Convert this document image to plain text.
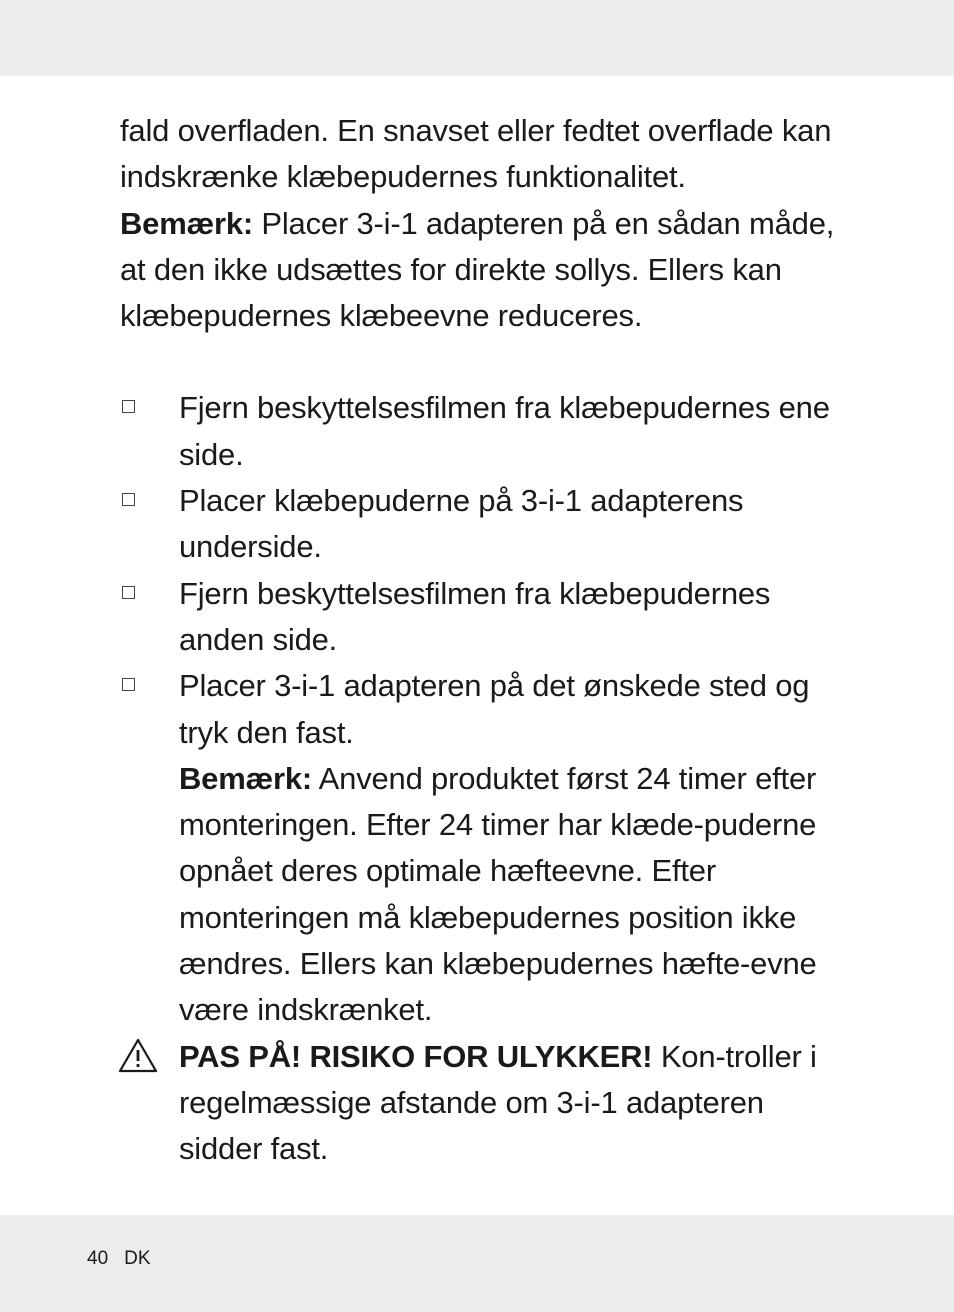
fald overfladen. En snavset eller fedtet overflade kan indskrænke klæbepudernes funktionalitet.

Bemærk: Placer 3-i-1 adapteren på en sådan måde, at den ikke udsættes for direkte sollys. Ellers kan klæbepudernes klæbeevne reduceres.

Fjern beskyttelsesfilmen fra klæbepudernes ene side.
Placer klæbepuderne på 3-i-1 adapterens underside.
Fjern beskyttelsesfilmen fra klæbepudernes anden side.
Placer 3-i-1 adapteren på det ønskede sted og tryk den fast.
Bemærk: Anvend produktet først 24 timer efter monteringen. Efter 24 timer har klæde-puderne opnået deres optimale hæfteevne. Efter monteringen må klæbepudernes position ikke ændres. Ellers kan klæbepudernes hæfte-evne være indskrænket.
PAS PÅ! RISIKO FOR ULYKKER! Kon-troller i regelmæssige afstande om 3-i-1 adapteren sidder fast.
40 DK
